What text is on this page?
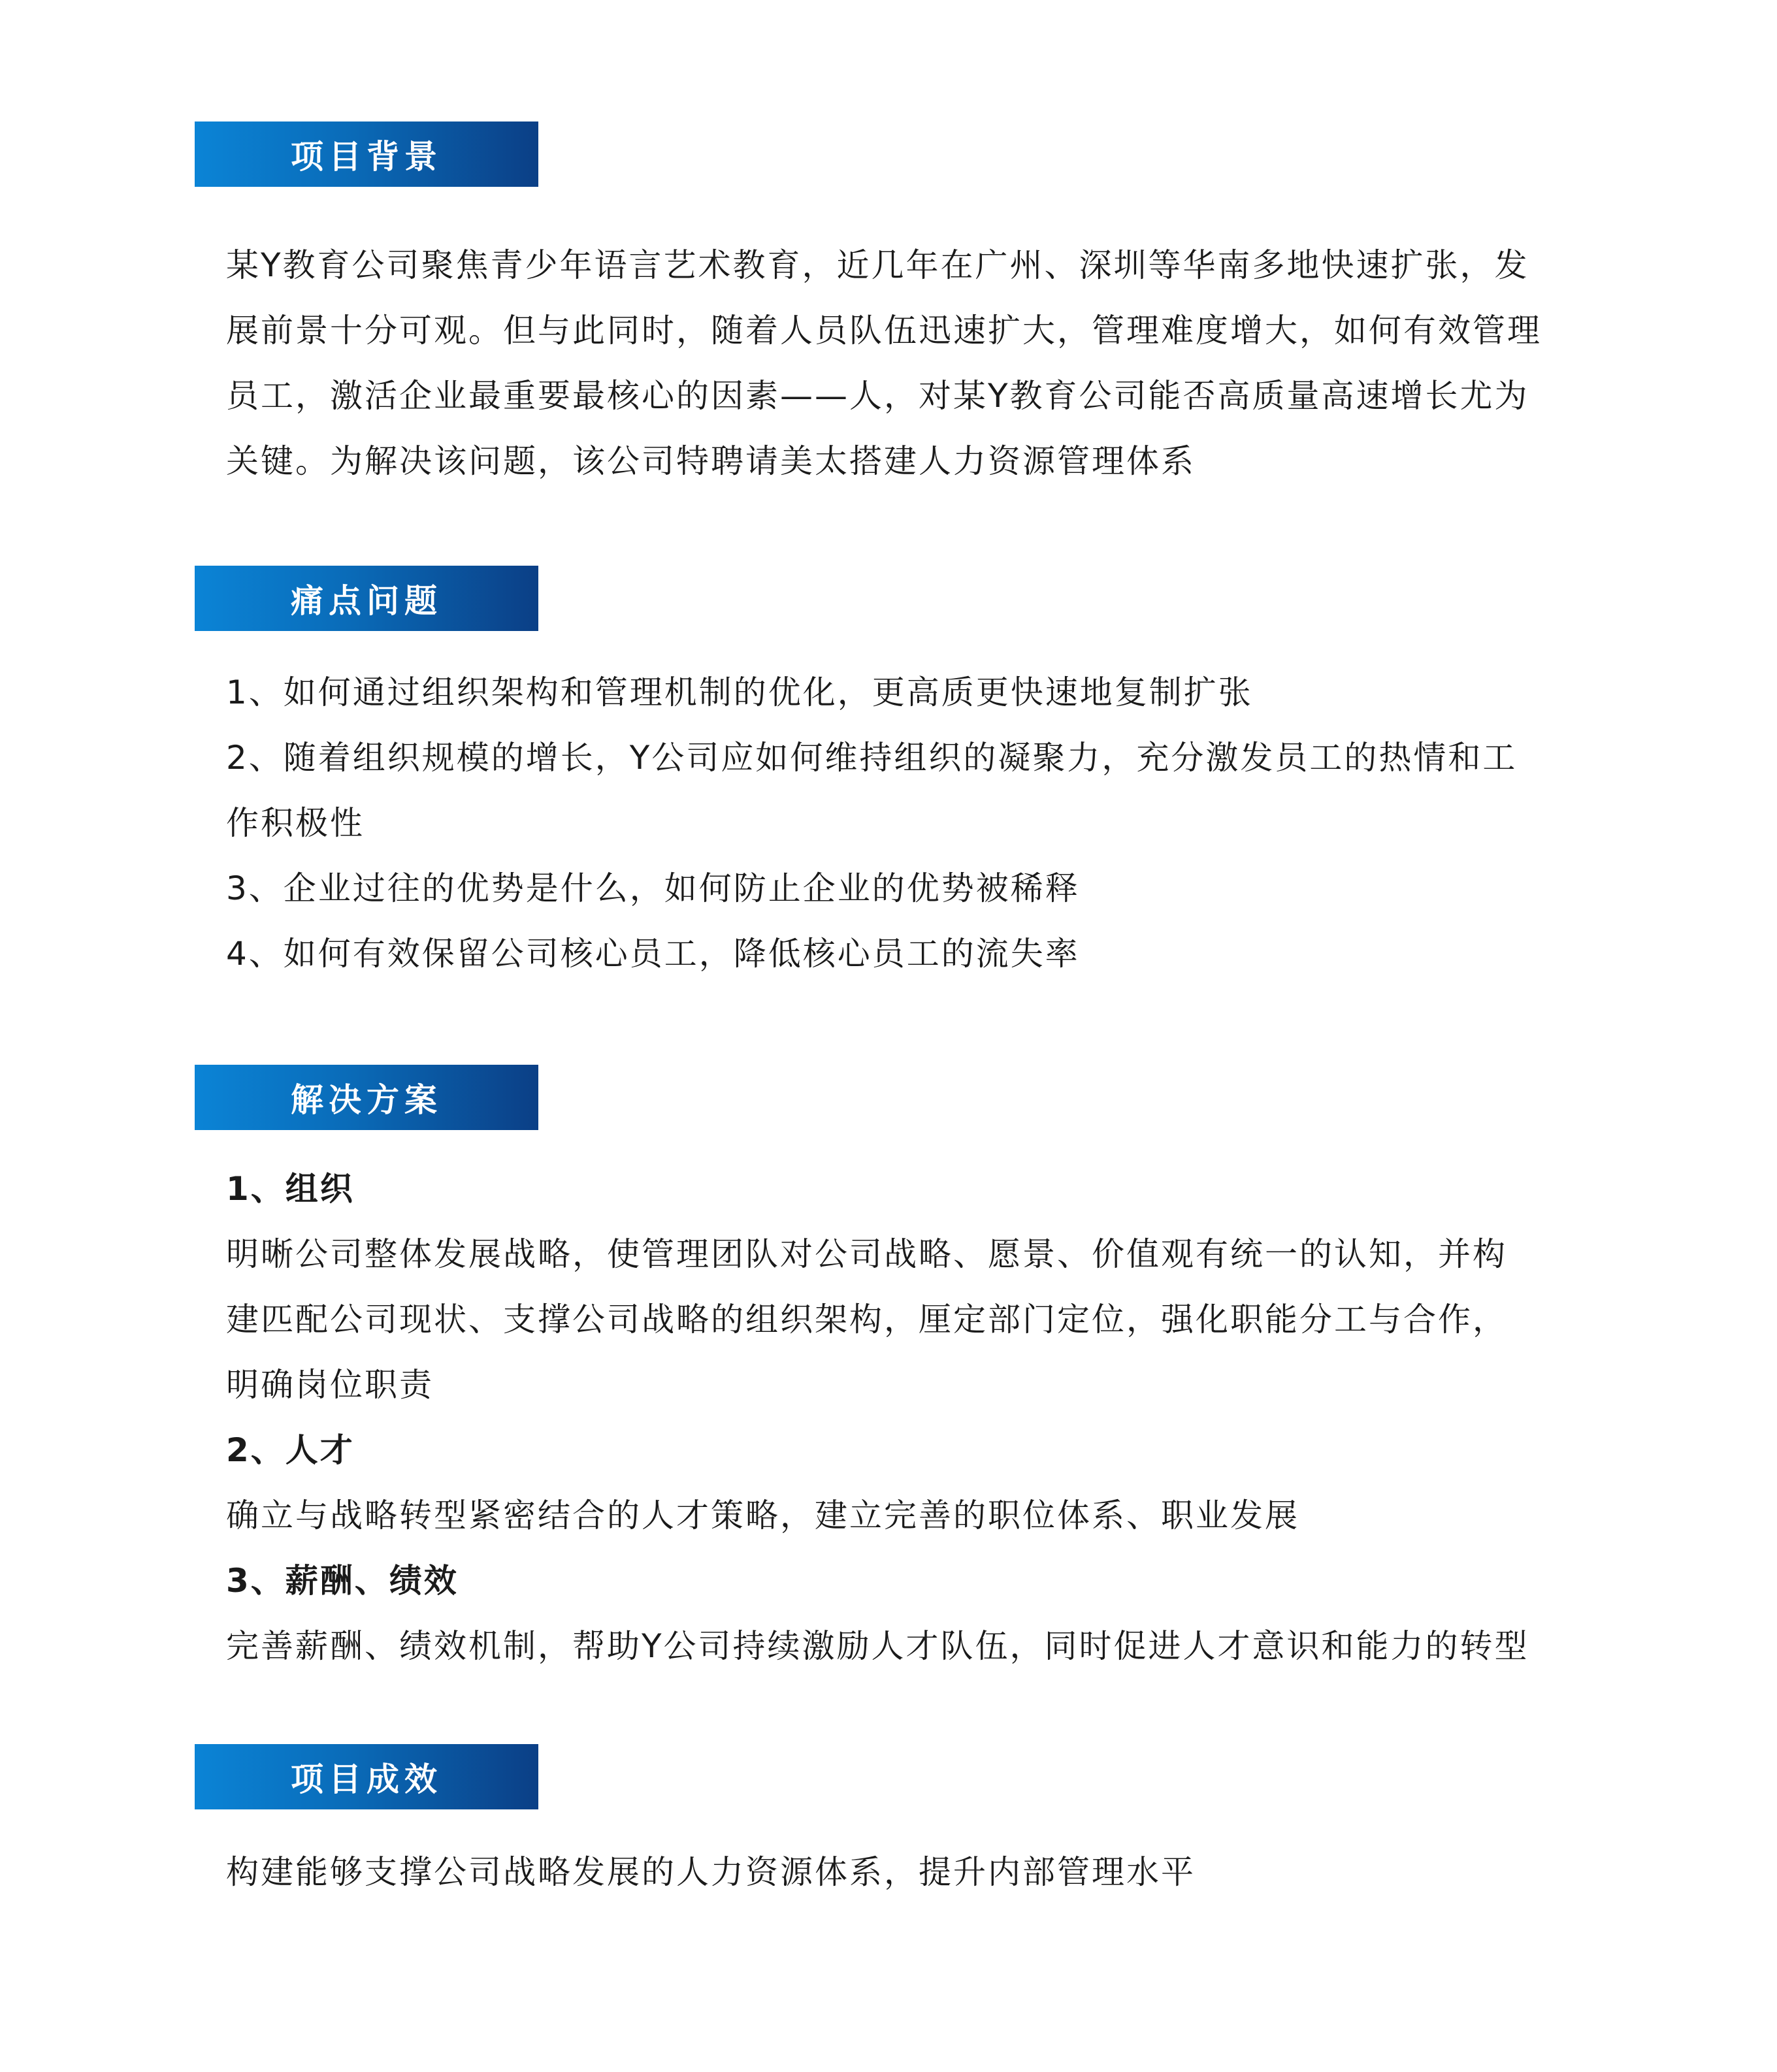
项目背景
某Y教育公司聚焦青少年语言艺术教育，近几年在广州、深圳等华南多地快速扩张，发
展前景十分可观。但与此同时，随着人员队伍迅速扩大，管理难度增大，如何有效管理
员工，激活企业最重要最核心的因素——人，对某Y教育公司能否高质量高速增长尤为
关键。为解决该问题，该公司特聘请美太搭建人力资源管理体系
痛点问题
1、如何通过组织架构和管理机制的优化，更高质更快速地复制扩张
2、随着组织规模的增长，Y公司应如何维持组织的凝聚力，充分激发员工的热情和工
作积极性
3、企业过往的优势是什么，如何防止企业的优势被稀释
4、如何有效保留公司核心员工，降低核心员工的流失率
解决方案
1、组织
明晰公司整体发展战略，使管理团队对公司战略、愿景、价值观有统一的认知，并构
建匹配公司现状、支撑公司战略的组织架构，厘定部门定位，强化职能分工与合作，
明确岗位职责
2、人才
确立与战略转型紧密结合的人才策略，建立完善的职位体系、职业发展
3、薪酬、绩效
完善薪酬、绩效机制，帮助Y公司持续激励人才队伍，同时促进人才意识和能力的转型
项目成效
构建能够支撑公司战略发展的人力资源体系，提升内部管理水平
